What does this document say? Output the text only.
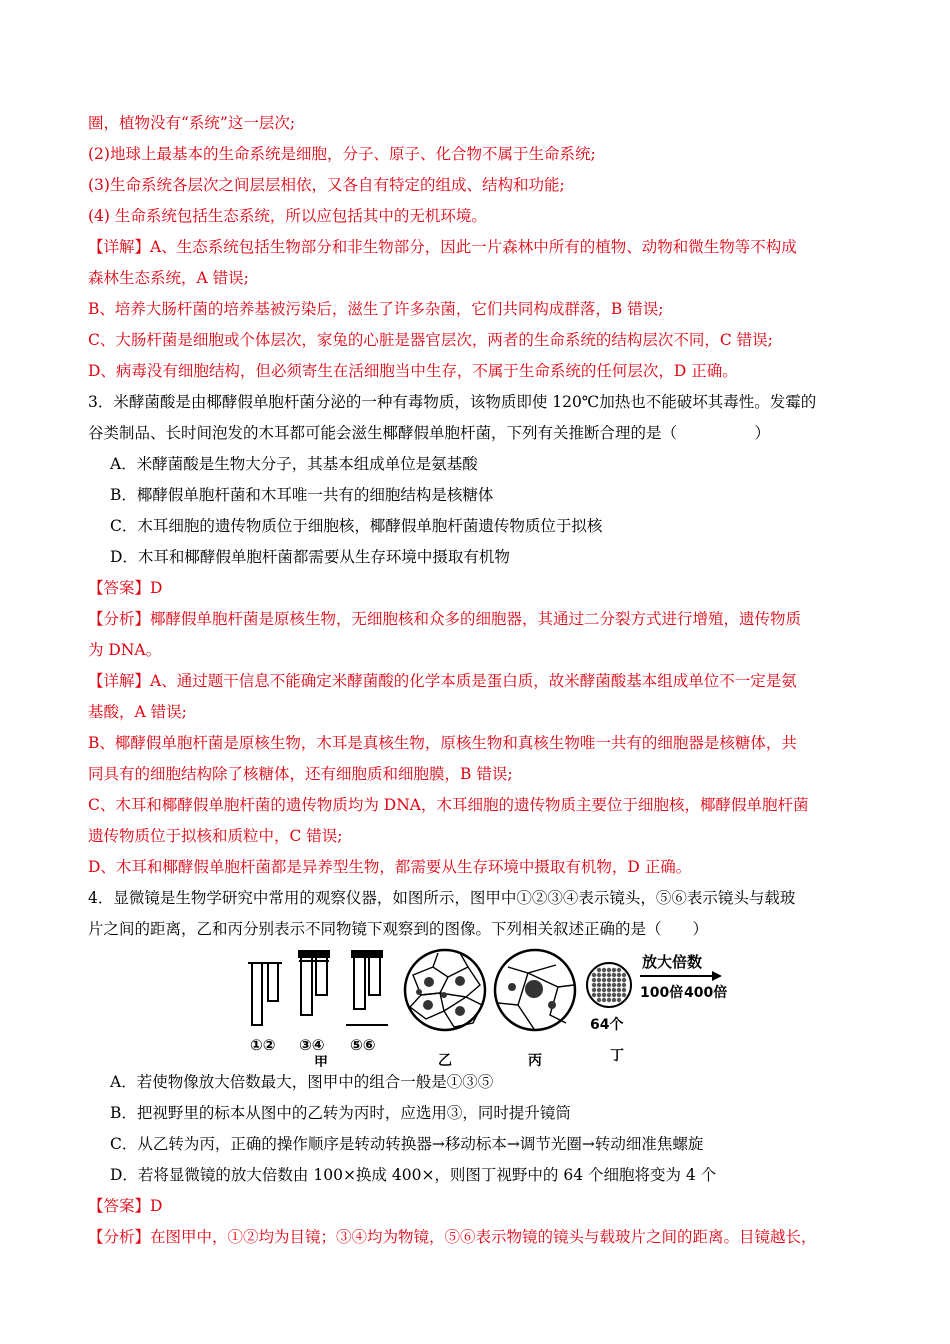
圈，植物没有“系统”这一层次;
(2)地球上最基本的生命系统是细胞，分子、原子、化合物不属于生命系统;
(3)生命系统各层次之间层层相依，又各自有特定的组成、结构和功能;
(4) 生命系统包括生态系统，所以应包括其中的无机环境。
【详解】A、生态系统包括生物部分和非生物部分，因此一片森林中所有的植物、动物和微生物等不构成
森林生态系统，A 错误;
B、培养大肠杆菌的培养基被污染后，滋生了许多杂菌，它们共同构成群落，B 错误;
C、大肠杆菌是细胞或个体层次，家兔的心脏是器官层次，两者的生命系统的结构层次不同，C 错误;
D、病毒没有细胞结构，但必须寄生在活细胞当中生存，不属于生命系统的任何层次，D 正确。
3．米酵菌酸是由椰酵假单胞杆菌分泌的一种有毒物质，该物质即使 120℃加热也不能破坏其毒性。发霉的
谷类制品、长时间泡发的木耳都可能会滋生椰酵假单胞杆菌，下列有关推断合理的是（　　　　　）
A．米酵菌酸是生物大分子，其基本组成单位是氨基酸
B．椰酵假单胞杆菌和木耳唯一共有的细胞结构是核糖体
C．木耳细胞的遗传物质位于细胞核，椰酵假单胞杆菌遗传物质位于拟核
D．木耳和椰酵假单胞杆菌都需要从生存环境中摄取有机物
【答案】D
【分析】椰酵假单胞杆菌是原核生物，无细胞核和众多的细胞器，其通过二分裂方式进行增殖，遗传物质
为 DNA。
【详解】A、通过题干信息不能确定米酵菌酸的化学本质是蛋白质，故米酵菌酸基本组成单位不一定是氨
基酸，A 错误;
B、椰酵假单胞杆菌是原核生物，木耳是真核生物，原核生物和真核生物唯一共有的细胞器是核糖体，共
同具有的细胞结构除了核糖体，还有细胞质和细胞膜，B 错误;
C、木耳和椰酵假单胞杆菌的遗传物质均为 DNA，木耳细胞的遗传物质主要位于细胞核，椰酵假单胞杆菌
遗传物质位于拟核和质粒中，C 错误;
D、木耳和椰酵假单胞杆菌都是异养型生物，都需要从生存环境中摄取有机物，D 正确。
4．显微镜是生物学研究中常用的观察仪器，如图所示，图甲中①②③④表示镜头，⑤⑥表示镜头与载玻
片之间的距离，乙和丙分别表示不同物镜下观察到的图像。下列相关叙述正确的是（　　）
①② ③④ ⑤⑥
甲	乙	丙
64个
丁
放大倍数
100倍 400倍
A．若使物像放大倍数最大，图甲中的组合一般是①③⑤
B．把视野里的标本从图中的乙转为丙时，应选用③，同时提升镜筒
C．从乙转为丙，正确的操作顺序是转动转换器→移动标本→调节光圈→转动细准焦螺旋
D．若将显微镜的放大倍数由 100×换成 400×，则图丁视野中的 64 个细胞将变为 4 个
【答案】D
【分析】在图甲中，①②均为目镜；③④均为物镜，⑤⑥表示物镜的镜头与载玻片之间的距离。目镜越长，
